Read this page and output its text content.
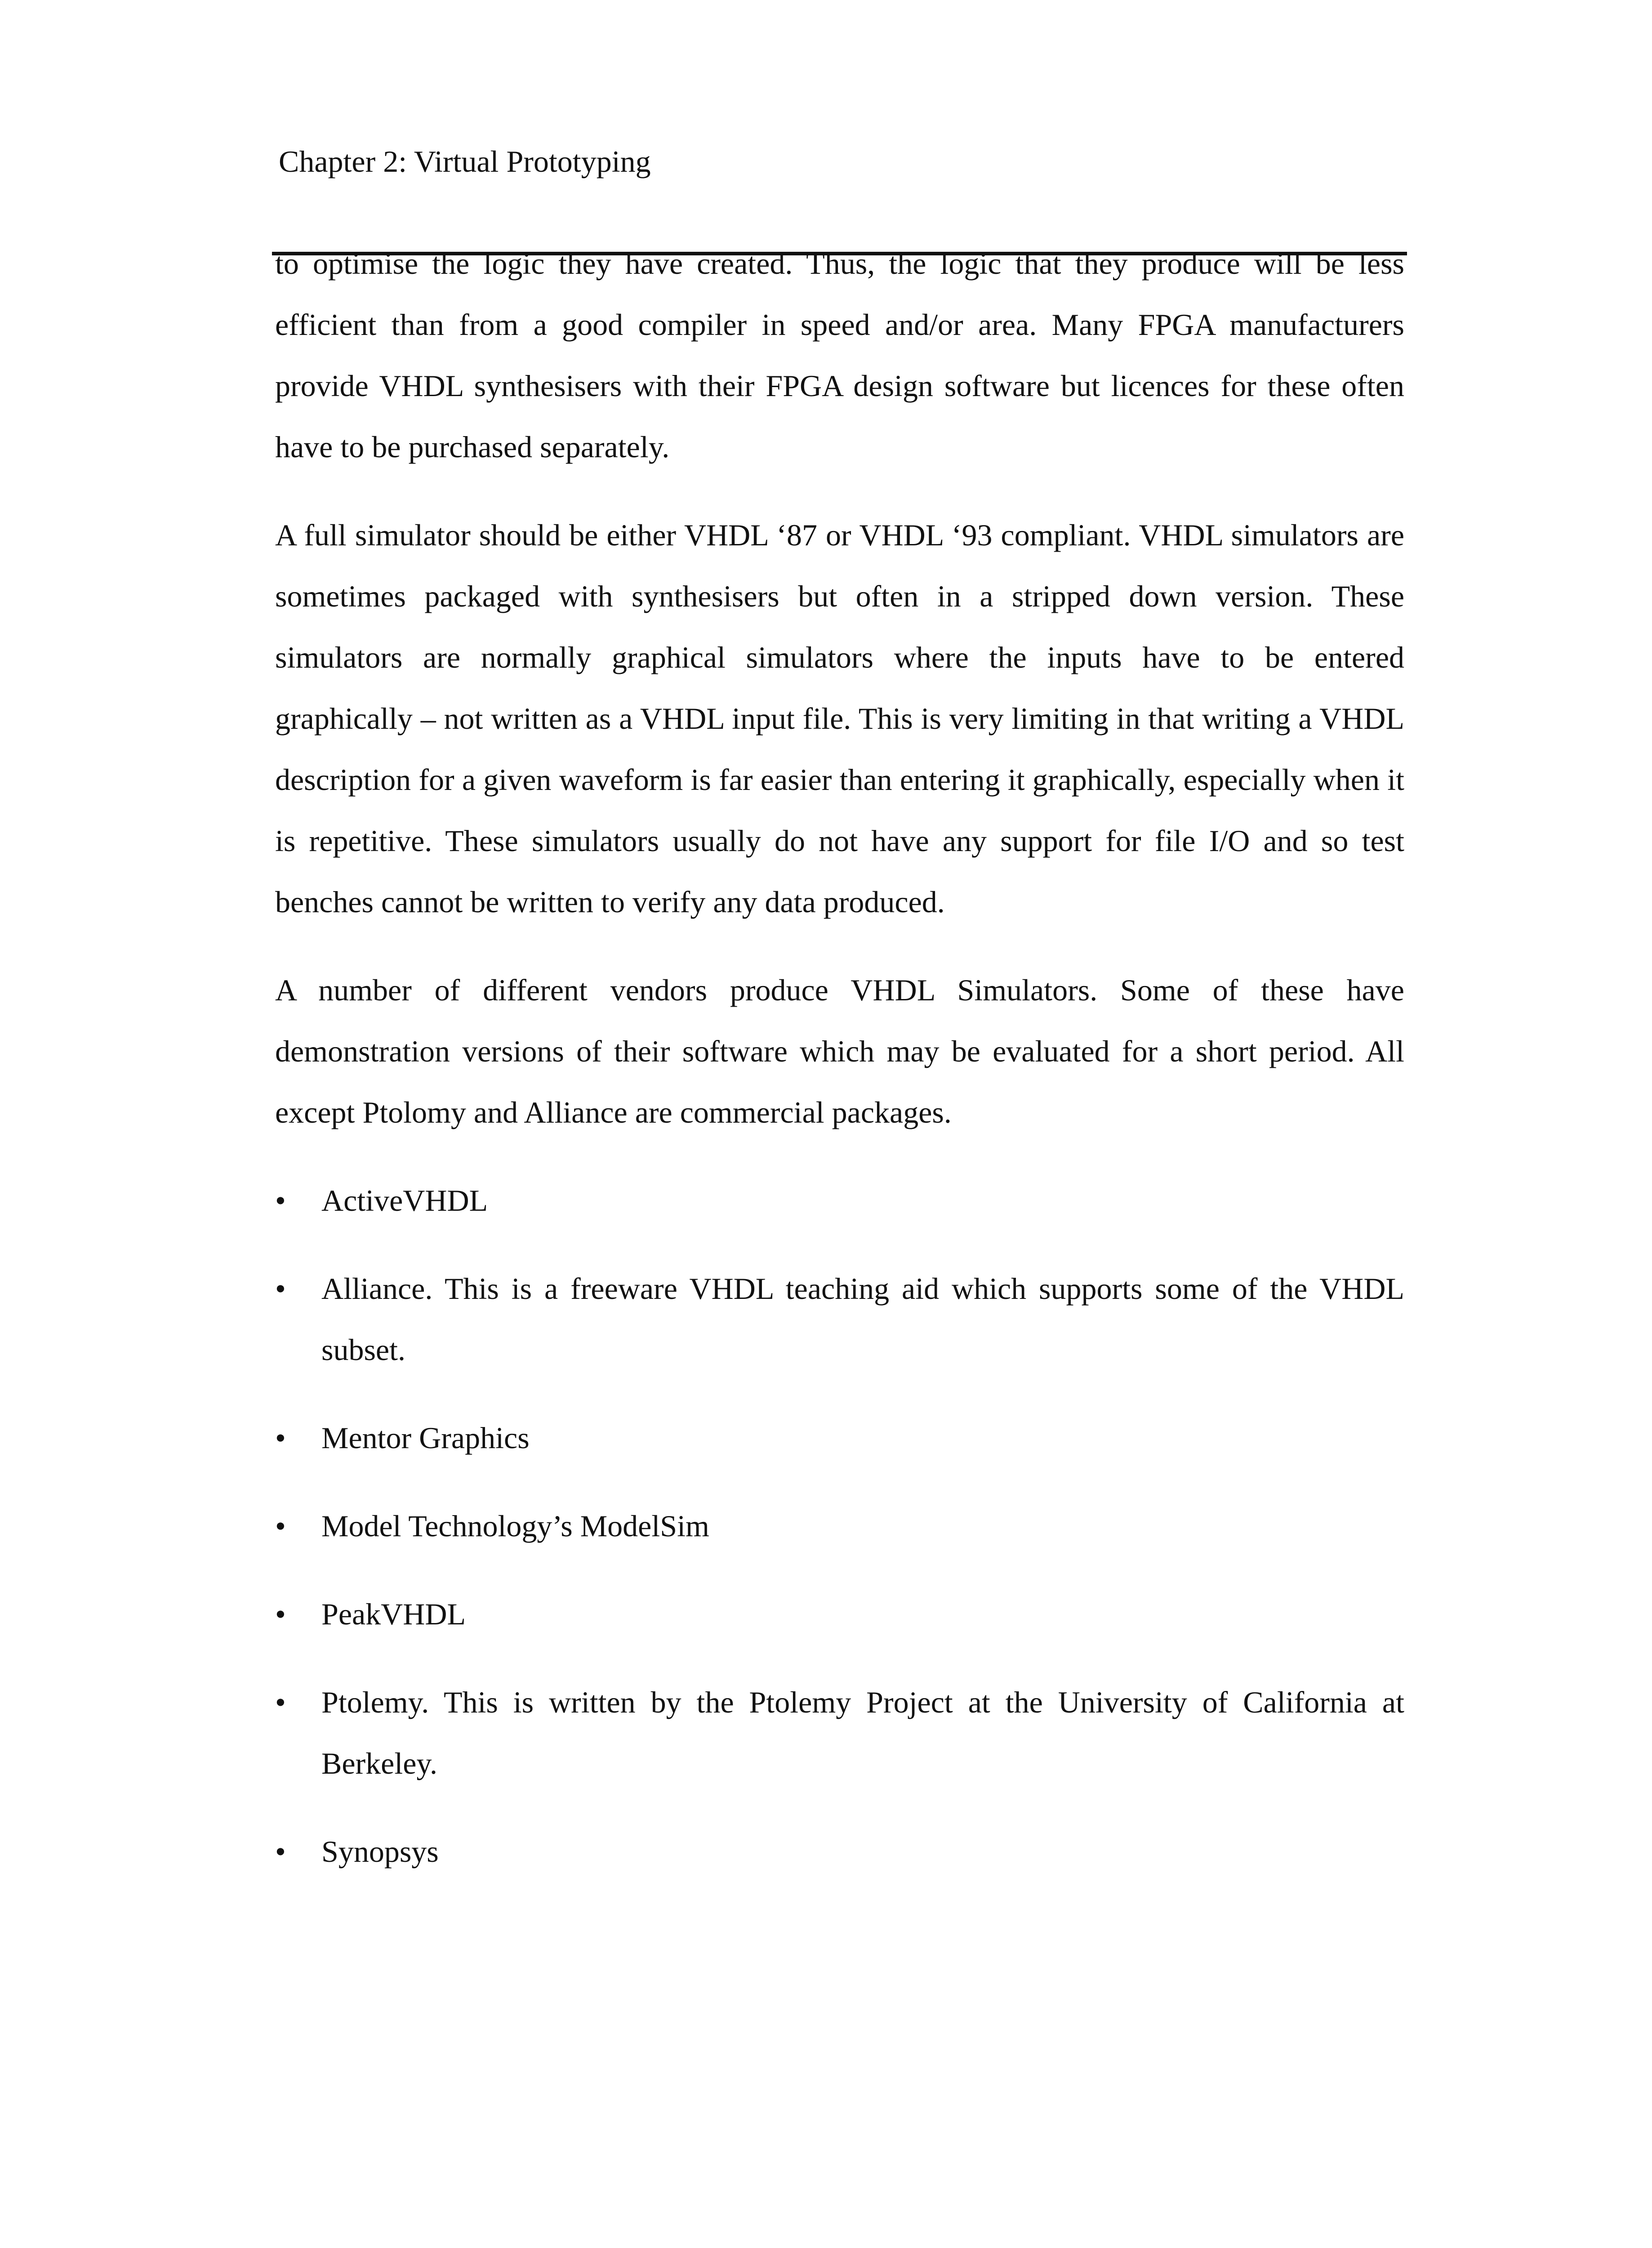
Chapter 2: Virtual Prototyping

to optimise the logic they have created. Thus, the logic that they produce will be less efficient than from a good compiler in speed and/or area. Many FPGA manufacturers provide VHDL synthesisers with their FPGA design software but licences for these often have to be purchased separately.

A full simulator should be either VHDL ‘87 or VHDL ‘93 compliant. VHDL simulators are sometimes packaged with synthesisers but often in a stripped down version. These simulators are normally graphical simulators where the inputs have to be entered graphically – not written as a VHDL input file. This is very limiting in that writing a VHDL description for a given waveform is far easier than entering it graphically, especially when it is repetitive. These simulators usually do not have any support for file I/O and so test benches cannot be written to verify any data produced.

A number of different vendors produce VHDL Simulators. Some of these have demonstration versions of their software which may be evaluated for a short period. All except Ptolomy and Alliance are commercial packages.

•	ActiveVHDL
•	Alliance. This is a freeware VHDL teaching aid which supports some of the VHDL subset.
•	Mentor Graphics
•	Model Technology’s ModelSim
•	PeakVHDL
•	Ptolemy. This is written by the Ptolemy Project at the University of California at Berkeley.
•	Synopsys
